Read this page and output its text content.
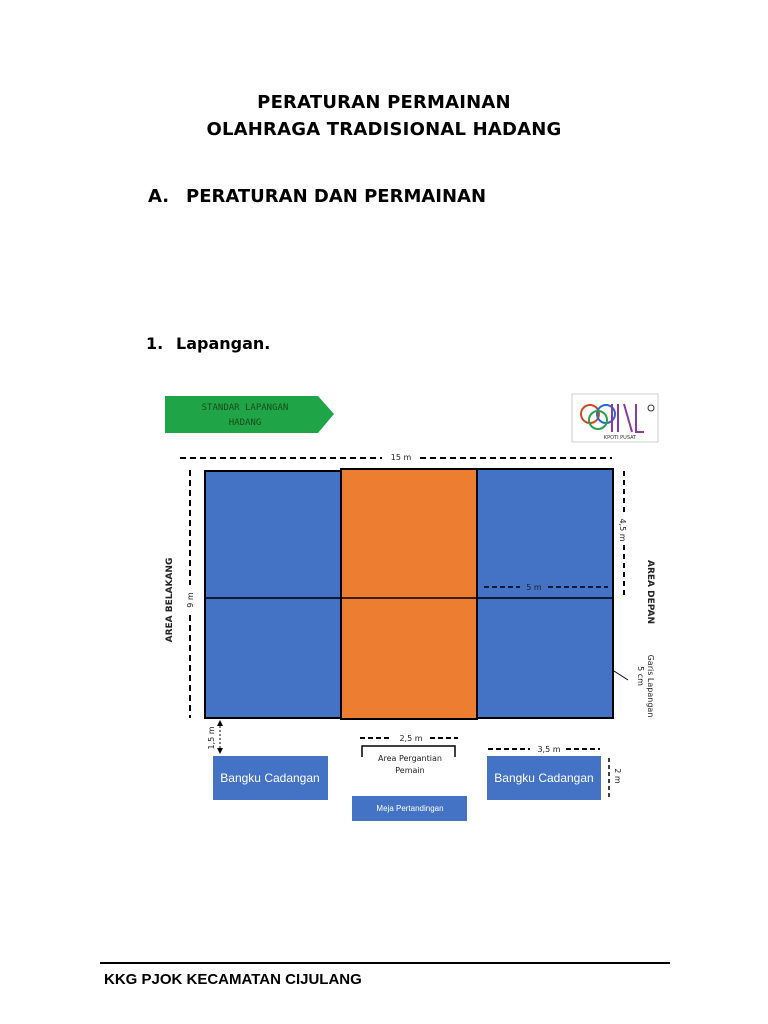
PERATURAN PERMAINAN
OLAHRAGA TRADISIONAL HADANG
A. PERATURAN DAN PERMAINAN
1. Lapangan.
STANDAR LAPANGAN
HADANG
KPOTI PUSAT
15 m
9 m
AREA BELAKANG	5 m
4,5 m
AREA DEPAN
Garis Lapangan
5 cm
1,5 m
Bangku Cadangan
2,5 m
Area Pergantian
Pemain
Meja Pertandingan
3,5 m
2 m
Bangku Cadangan
KKG PJOK KECAMATAN CIJULANG
